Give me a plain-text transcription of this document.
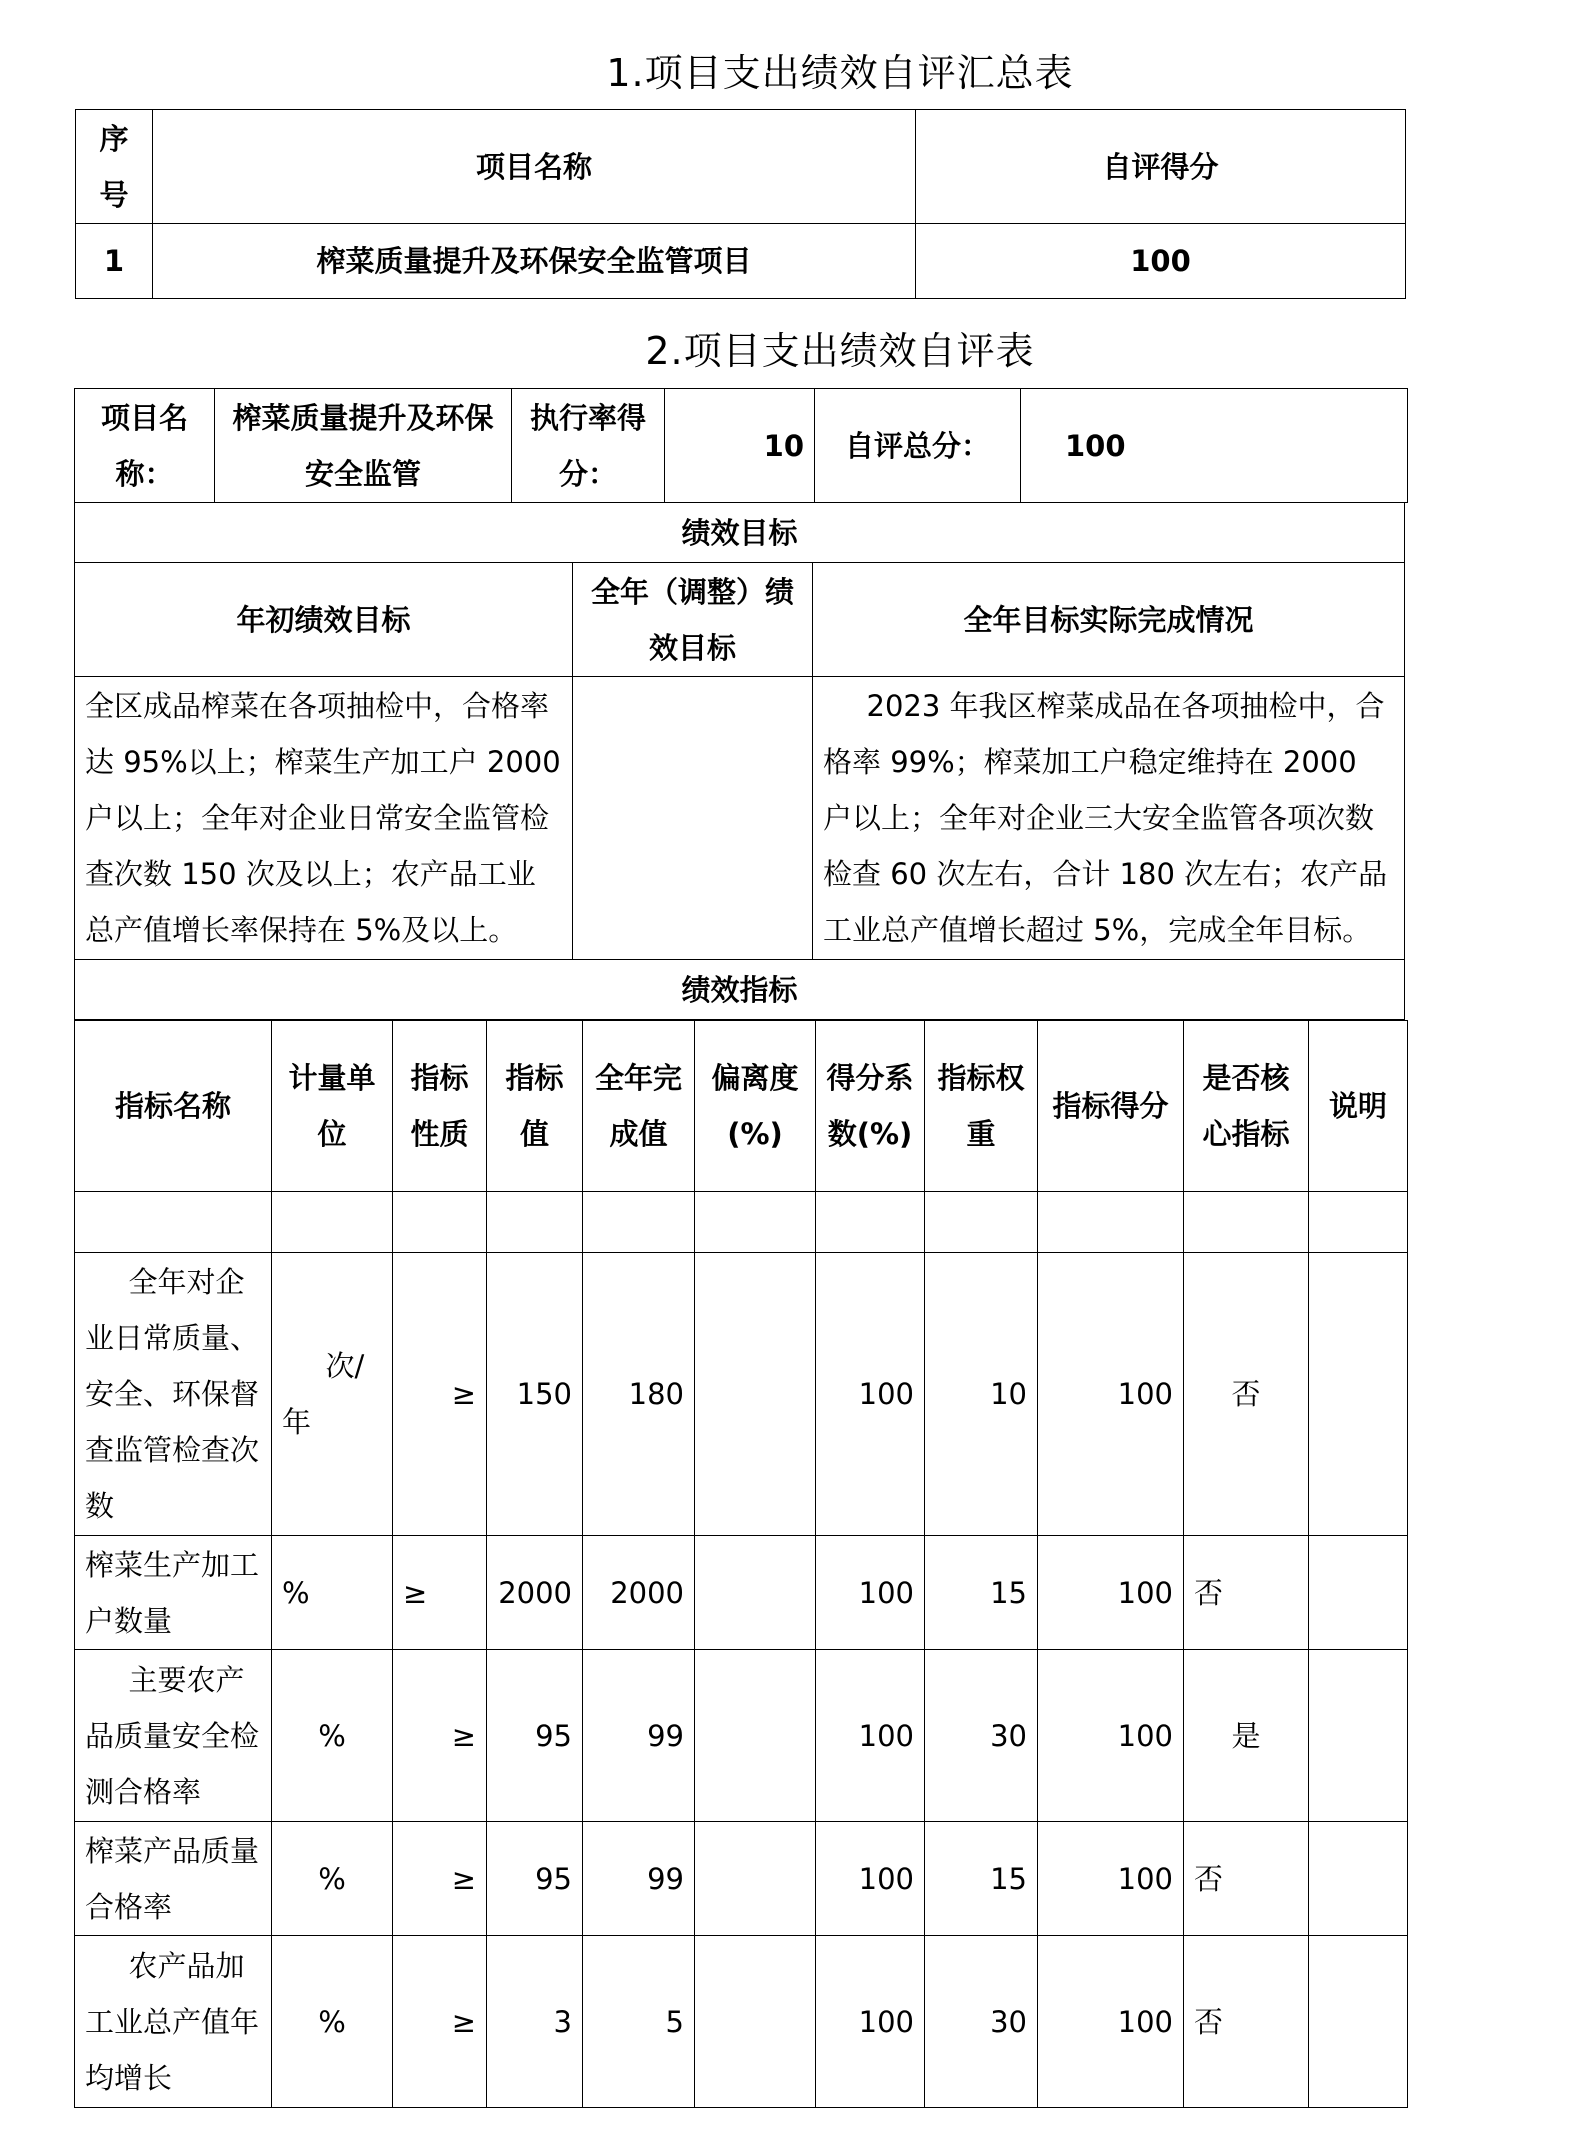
1.项目支出绩效自评汇总表
序号	项目名称	自评得分
1	榨菜质量提升及环保安全监管项目	100
2.项目支出绩效自评表
项目名称：	榨菜质量提升及环保安全监管	执行率得分：	10	自评总分：	100
绩效目标		
年初绩效目标	全年（调整）绩效目标	全年目标实际完成情况
全区成品榨菜在各项抽检中，合格率达 95%以上；榨菜生产加工户 2000 户以上；全年对企业日常安全监管检查次数 150 次及以上；农产品工业总产值增长率保持在 5%及以上。		2023 年我区榨菜成品在各项抽检中，合格率 99%；榨菜加工户稳定维持在 2000 户以上；全年对企业三大安全监管各项次数检查 60 次左右，合计 180 次左右；农产品工业总产值增长超过 5%，完成全年目标。
绩效指标		
指标名称	计量单位	指标性质	指标值	全年完成值	偏离度(%)	得分系数(%)	指标权重	指标得分	是否核心指标	说明

全年对企业日常质量、安全、环保督查监管检查次数	次/年	≥	150	180		100	10	100	否	
榨菜生产加工户数量	%	≥	2000	2000		100	15	100	否	
主要农产品质量安全检测合格率	%	≥	95	99		100	30	100	是	
榨菜产品质量合格率	%	≥	95	99		100	15	100	否	
农产品加工业总产值年均增长	%	≥	3	5		100	30	100	否	
